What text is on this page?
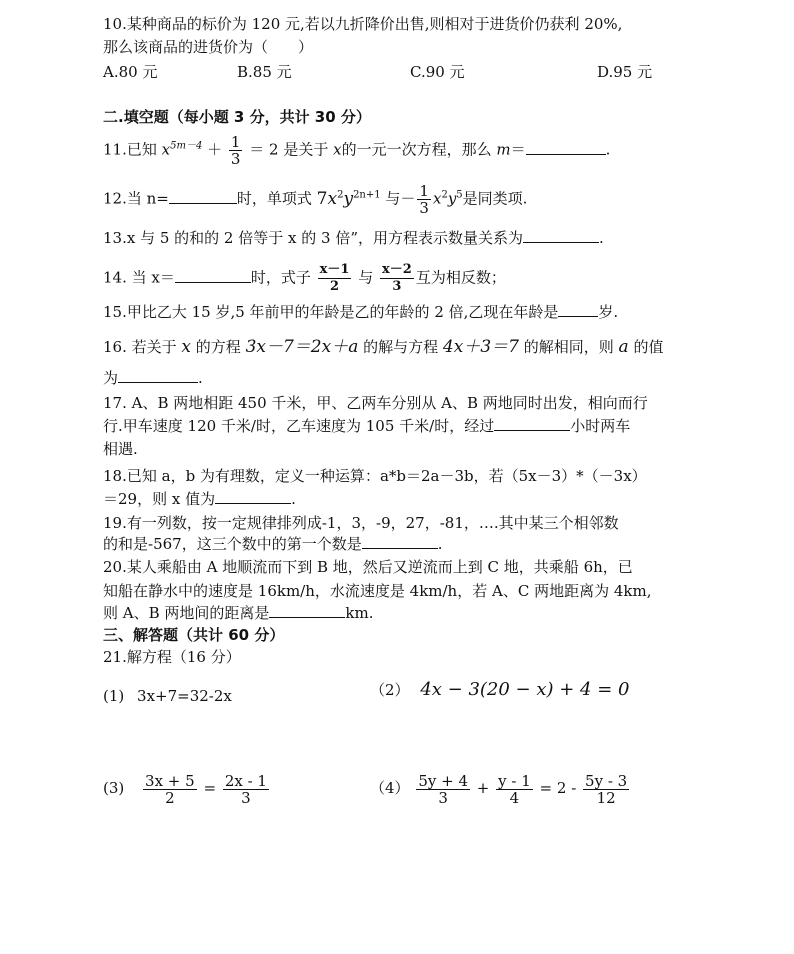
10.某种商品的标价为 120 元,若以九折降价出售,则相对于进货价仍获利 20%,
那么该商品的进货价为（　　）
A.80 元	B.85 元	C.90 元	D.95 元
二.填空题（每小题 3 分，共计 30 分）
11.已知 $x^{5m-4} + \frac{1}{3} = 2$ 是关于 x的一元一次方程，那么 m＝	.
12.当 n=	时，单项式 $7x^2y^{2n+1}$ 与－ $\frac{1}{3} x^2y^5$是同类项.
13.x 与 5 的和的 2 倍等于 x 的 3 倍”，用方程表示数量关系为	.
14. 当 x＝	时，式子 $\frac{x-1}{2}$ 与 $\frac{x-2}{3}$ 互为相反数；
15.甲比乙大 15 岁,5 年前甲的年龄是乙的年龄的 2 倍,乙现在年龄是	岁.
16. 若关于 x 的方程 3x－7＝2x＋a 的解与方程 4x＋3＝7 的解相同，则 a 的值
为	.
17. A、B 两地相距 450 千米，甲、乙两车分别从 A、B 两地同时出发，相向而行
行.甲车速度 120 千米/时，乙车速度为 105 千米/时，经过	小时两车
相遇.
18.已知 a，b 为有理数，定义一种运算：a*b＝2a－3b，若（5x－3）*（－3x）
＝29，则 x 值为	.
19.有一列数，按一定规律排列成-1，3，-9，27，-81，….其中某三个相邻数
的和是-567，这三个数中的第一个数是	.
20.某人乘船由 A 地顺流而下到 B 地，然后又逆流而上到 C 地，共乘船 6h，已
知船在静水中的速度是 16km/h，水流速度是 4km/h，若 A、C 两地距离为 4km,
则 A、B 两地间的距离是	km.
三、解答题（共计 60 分）
21.解方程（16 分）
(1) 3x+7=32-2x	（2） 4x − 3(20 − x) + 4 = 0
$(3) \frac{3x + 5}{2} = \frac{2x - 1}{3}$	$(4) \frac{5y + 4}{3} + \frac{y - 1}{4} = 2 - \frac{5y - 3}{12}$
